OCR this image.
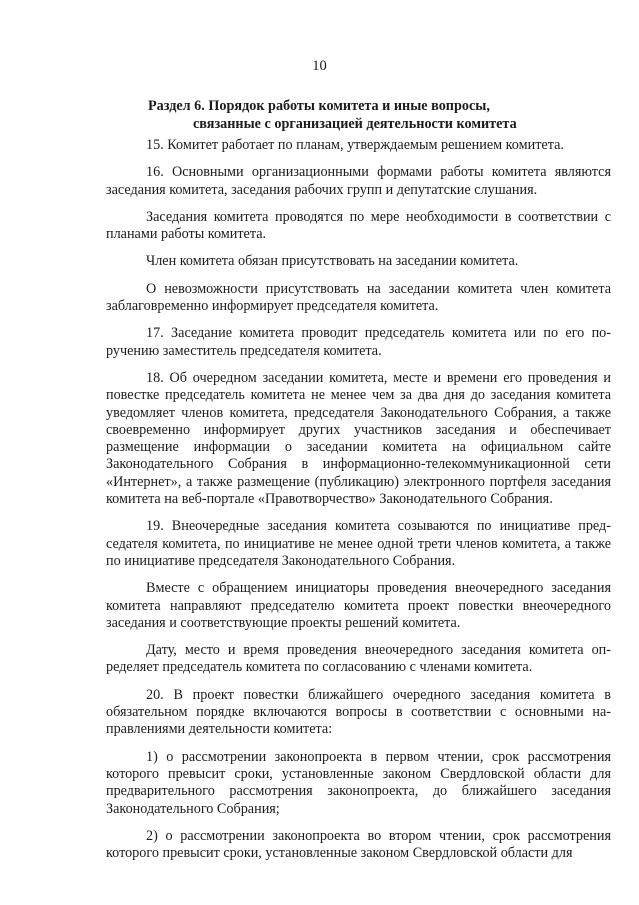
10
Раздел 6. Порядок работы комитета и иные вопросы,
связанные с организацией деятельности комитета

15. Комитет работает по планам, утверждаемым решением комитета.

16. Основными организационными формами работы комитета являются заседания комитета, заседания рабочих групп и депутатские слушания.

Заседания комитета проводятся по мере необходимости в соответствии с планами работы комитета.

Член комитета обязан присутствовать на заседании комитета.

О невозможности присутствовать на заседании комитета член комитета заблаговременно информирует председателя комитета.

17. Заседание комитета проводит председатель комитета или по его поручению заместитель председателя комитета.

18. Об очередном заседании комитета, месте и времени его проведения и повестке председатель комитета не менее чем за два дня до заседания комитета уведомляет членов комитета, председателя Законодательного Собрания, а также своевременно информирует других участников заседания и обеспечивает размещение информации о заседании комитета на официальном сайте Законодательного Собрания в информационно-телекоммуникационной сети «Интернет», а также размещение (публикацию) электронного портфеля заседания комитета на веб-портале «Правотворчество» Законодательного Собрания.

19. Внеочередные заседания комитета созываются по инициативе председателя комитета, по инициативе не менее одной трети членов комитета, а также по инициативе председателя Законодательного Собрания.

Вместе с обращением инициаторы проведения внеочередного заседания комитета направляют председателю комитета проект повестки внеочередного заседания и соответствующие проекты решений комитета.

Дату, место и время проведения внеочередного заседания комитета определяет председатель комитета по согласованию с членами комитета.

20. В проект повестки ближайшего очередного заседания комитета в обязательном порядке включаются вопросы в соответствии с основными направлениями деятельности комитета:

1) о рассмотрении законопроекта в первом чтении, срок рассмотрения которого превысит сроки, установленные законом Свердловской области для предварительного рассмотрения законопроекта, до ближайшего заседания Законодательного Собрания;

2) о рассмотрении законопроекта во втором чтении, срок рассмотрения которого превысит сроки, установленные законом Свердловской области для
